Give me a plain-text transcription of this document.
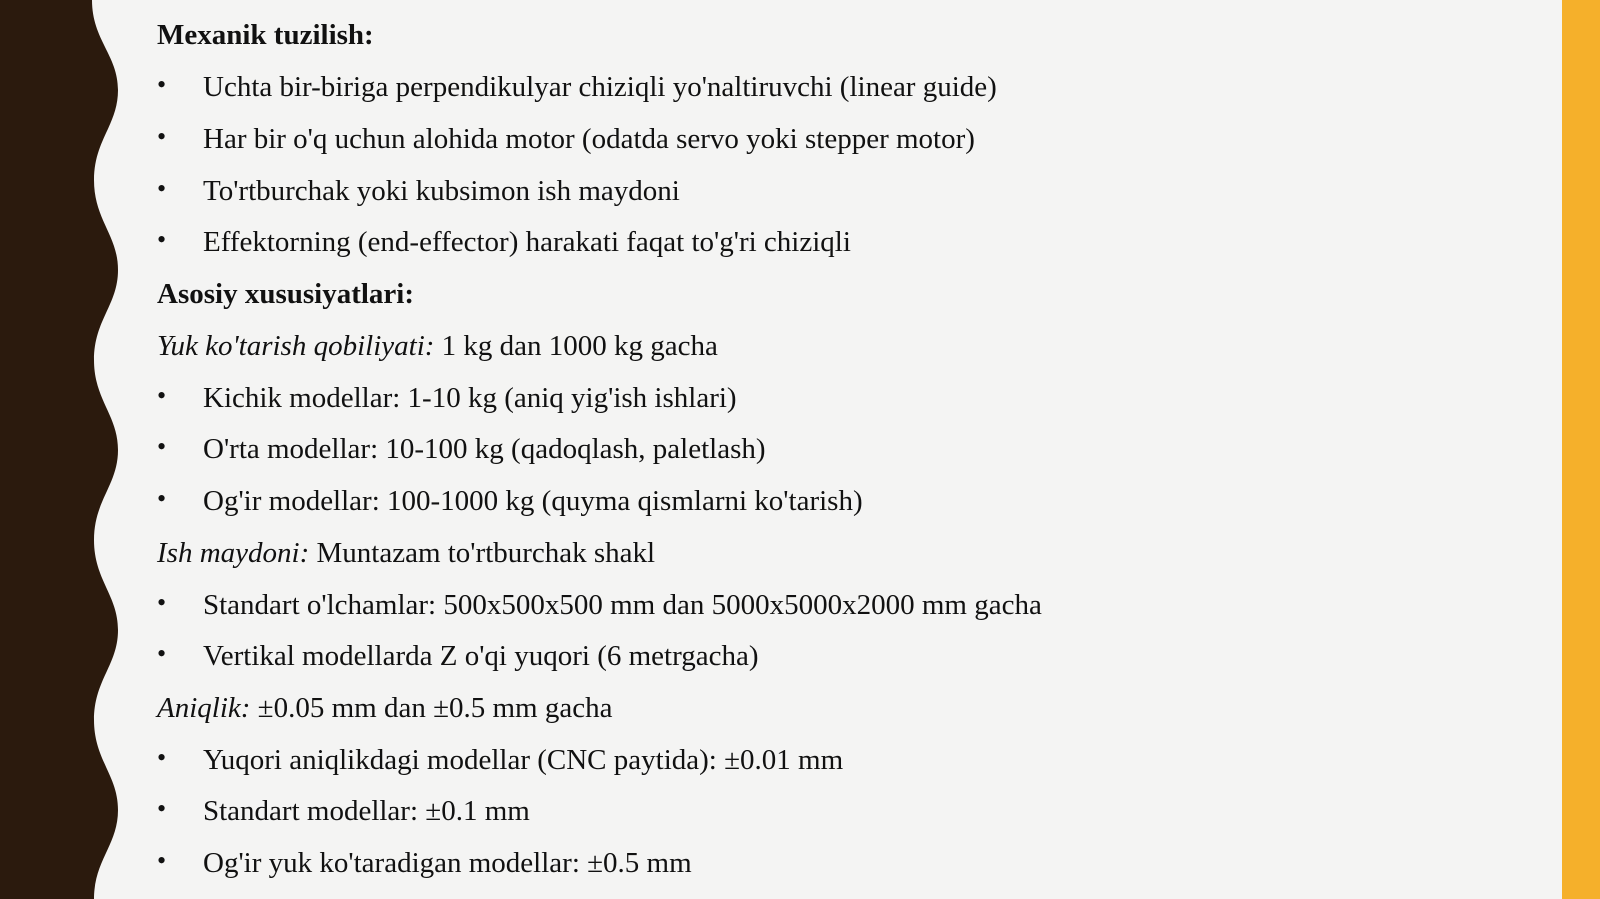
Mexanik tuzilish:
• Uchta bir-biriga perpendikulyar chiziqli yo'naltiruvchi (linear guide)
• Har bir o'q uchun alohida motor (odatda servo yoki stepper motor)
• To'rtburchak yoki kubsimon ish maydoni
• Effektorning (end-effector) harakati faqat to'g'ri chiziqli
Asosiy xususiyatlari:
Yuk ko'tarish qobiliyati: 1 kg dan 1000 kg gacha
• Kichik modellar: 1-10 kg (aniq yig'ish ishlari)
• O'rta modellar: 10-100 kg (qadoqlash, paletlash)
• Og'ir modellar: 100-1000 kg (quyma qismlarni ko'tarish)
Ish maydoni: Muntazam to'rtburchak shakl
• Standart o'lchamlar: 500x500x500 mm dan 5000x5000x2000 mm gacha
• Vertikal modellarda Z o'qi yuqori (6 metrgacha)
Aniqlik: ±0.05 mm dan ±0.5 mm gacha
• Yuqori aniqlikdagi modellar (CNC paytida): ±0.01 mm
• Standart modellar: ±0.1 mm
• Og'ir yuk ko'taradigan modellar: ±0.5 mm
